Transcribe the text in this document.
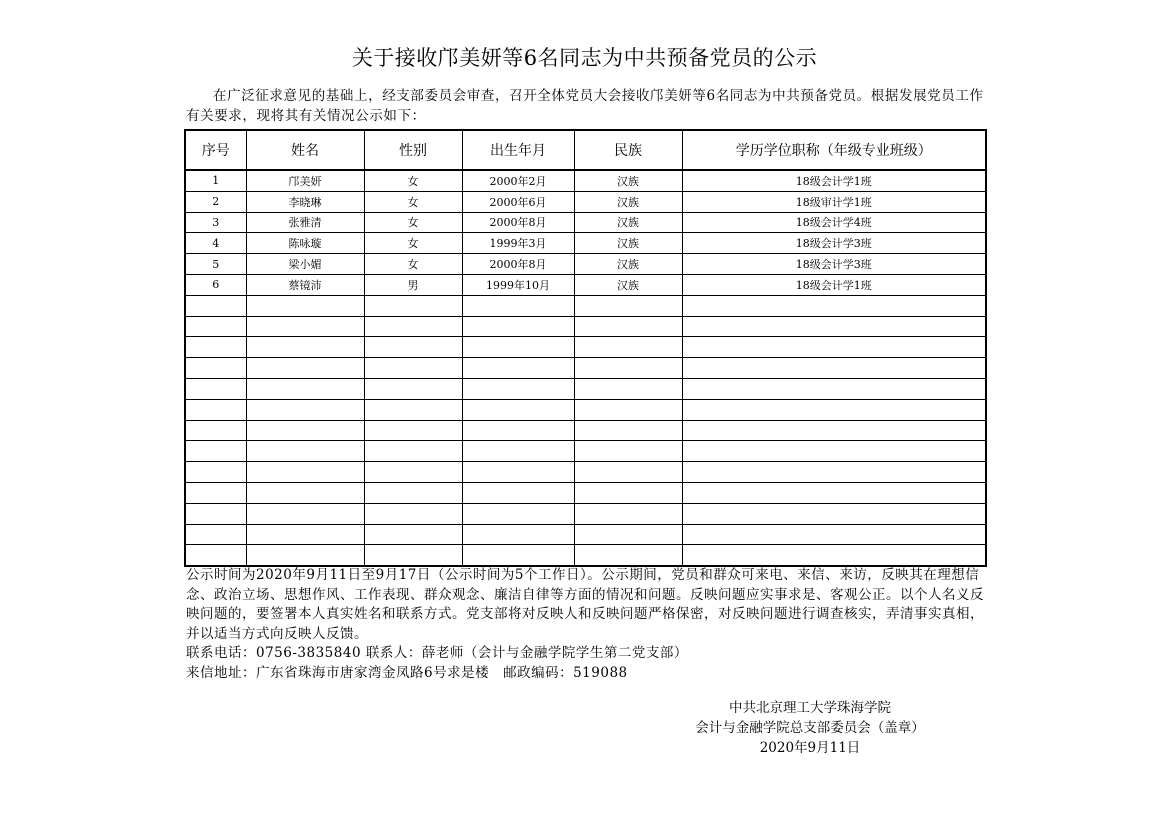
关于接收邝美妍等6名同志为中共预备党员的公示
在广泛征求意见的基础上，经支部委员会审查，召开全体党员大会接收邝美妍等6名同志为中共预备党员。根据发展党员工作有关要求，现将其有关情况公示如下：
序号	姓名	性别	出生年月	民族	学历学位职称（年级专业班级）
1	邝美妍	女	2000年2月	汉族	18级会计学1班
2	李晓琳	女	2000年6月	汉族	18级审计学1班
3	张雅清	女	2000年8月	汉族	18级会计学4班
4	陈咏璇	女	1999年3月	汉族	18级会计学3班
5	梁小媚	女	2000年8月	汉族	18级会计学3班
6	蔡镜沛	男	1999年10月	汉族	18级会计学1班

公示时间为2020年9月11日至9月17日（公示时间为5个工作日）。公示期间，党员和群众可来电、来信、来访，反映其在理想信念、政治立场、思想作风、工作表现、群众观念、廉洁自律等方面的情况和问题。反映问题应实事求是、客观公正。以个人名义反映问题的，要签署本人真实姓名和联系方式。党支部将对反映人和反映问题严格保密，对反映问题进行调查核实，弄清事实真相，并以适当方式向反映人反馈。

联系电话：0756-3835840 联系人：薛老师（会计与金融学院学生第二党支部）

来信地址：广东省珠海市唐家湾金凤路6号求是楼　邮政编码：519088

中共北京理工大学珠海学院

会计与金融学院总支部委员会（盖章）

2020年9月11日
